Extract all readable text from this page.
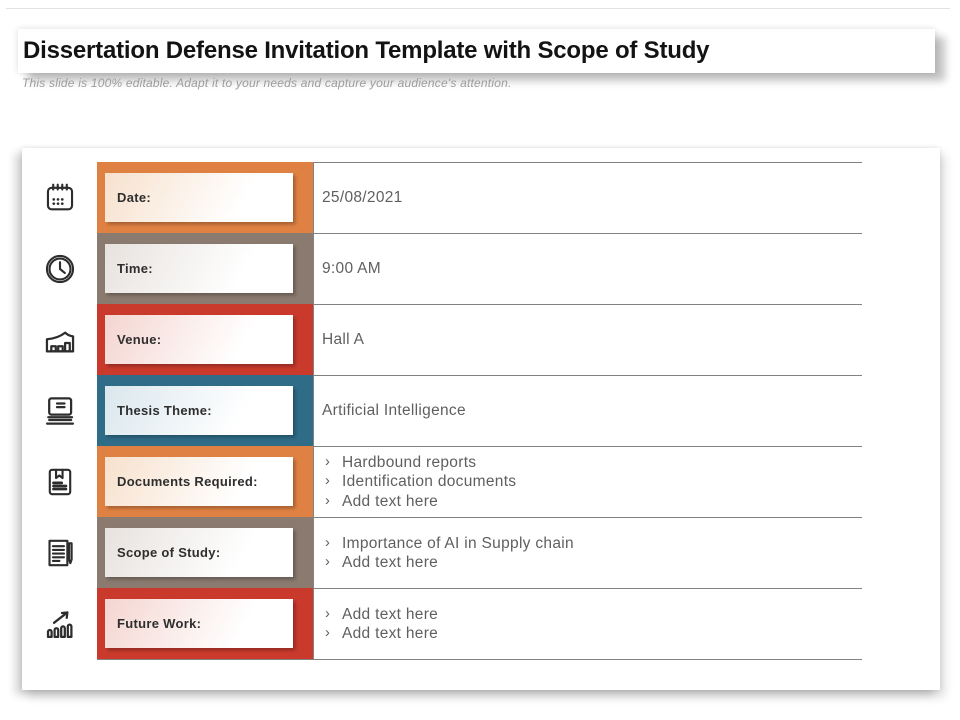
Dissertation Defense Invitation Template with Scope of Study
This slide is 100% editable. Adapt it to your needs and capture your audience's attention.
Date:	25/08/2021
Time:	9:00 AM
Venue:	Hall A
Thesis Theme:	Artificial Intelligence
Documents Required:
› Hardbound reports
› Identification documents
› Add text here
Scope of Study:
› Importance of AI in Supply chain
› Add text here
Future Work:
› Add text here
› Add text here
